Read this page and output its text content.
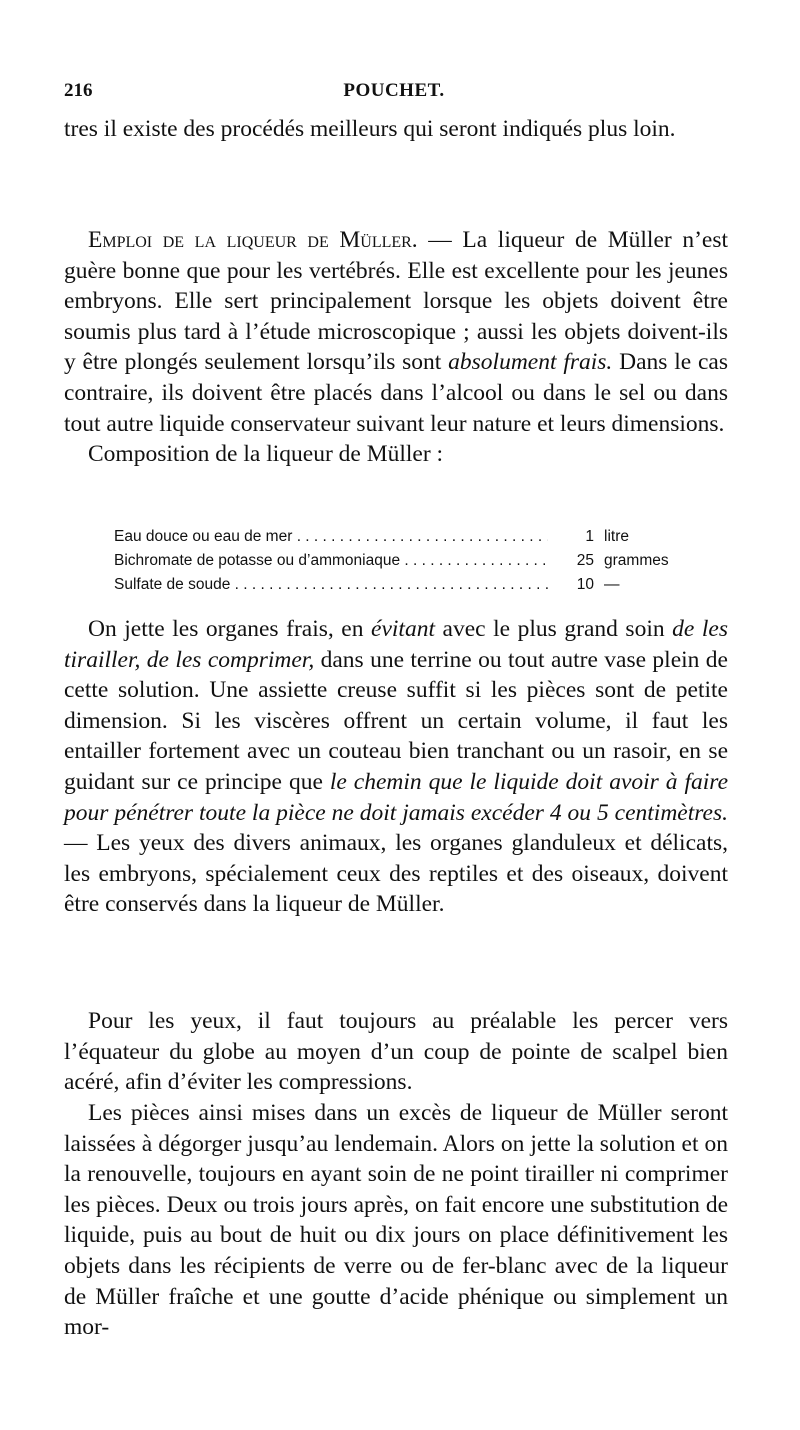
216	POUCHET.
tres il existe des procédés meilleurs qui seront indiqués plus loin.
Emploi de la liqueur de Müller. — La liqueur de Müller n’est guère bonne que pour les vertébrés. Elle est excellente pour les jeunes embryons. Elle sert principalement lorsque les objets doivent être soumis plus tard à l’étude microscopique ; aussi les objets doivent-ils y être plongés seulement lorsqu’ils sont absolument frais. Dans le cas contraire, ils doivent être placés dans l’alcool ou dans le sel ou dans tout autre liquide conservateur suivant leur nature et leurs dimensions.
Composition de la liqueur de Müller :
Eau douce ou eau de mer . . .	1 litre
Bichromate de potasse ou d’ammoniaque . . .	25 grammes
Sulfate de soude . . .	10 —
On jette les organes frais, en évitant avec le plus grand soin de les tirailler, de les comprimer, dans une terrine ou tout autre vase plein de cette solution. Une assiette creuse suffit si les pièces sont de petite dimension. Si les viscères offrent un certain volume, il faut les entailler fortement avec un couteau bien tranchant ou un rasoir, en se guidant sur ce principe que le chemin que le liquide doit avoir à faire pour pénétrer toute la pièce ne doit jamais excéder 4 ou 5 centimètres. — Les yeux des divers animaux, les organes glanduleux et délicats, les embryons, spécialement ceux des reptiles et des oiseaux, doivent être conservés dans la liqueur de Müller.
Pour les yeux, il faut toujours au préalable les percer vers l’équateur du globe au moyen d’un coup de pointe de scalpel bien acéré, afin d’éviter les compressions.
Les pièces ainsi mises dans un excès de liqueur de Müller seront laissées à dégorger jusqu’au lendemain. Alors on jette la solution et on la renouvelle, toujours en ayant soin de ne point tirailler ni comprimer les pièces. Deux ou trois jours après, on fait encore une substitution de liquide, puis au bout de huit ou dix jours on place définitivement les objets dans les récipients de verre ou de fer-blanc avec de la liqueur de Müller fraîche et une goutte d’acide phénique ou simplement un mor-
